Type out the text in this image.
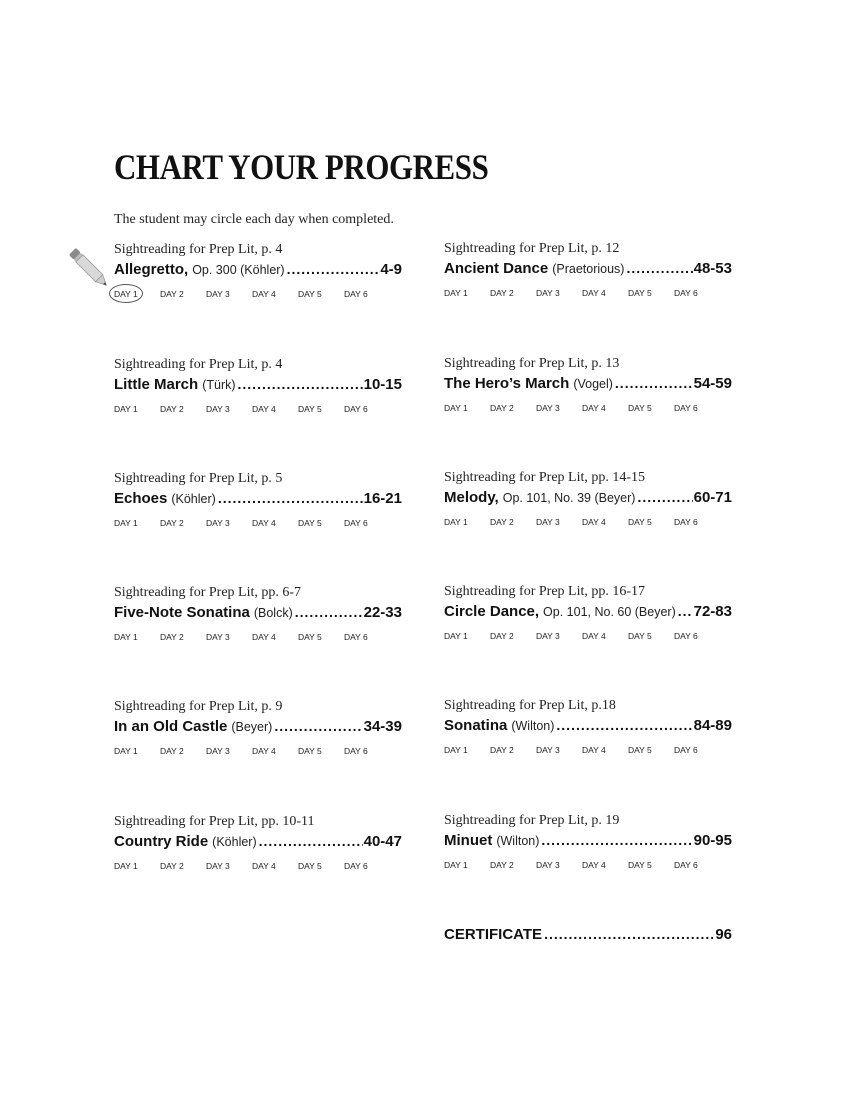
CHART YOUR PROGRESS
The student may circle each day when completed.
Sightreading for Prep Lit, p. 4
Allegretto, Op. 300 (Köhler) .....	4-9
DAY 1	DAY 2	DAY 3	DAY 4	DAY 5	DAY 6
Sightreading for Prep Lit, p. 12
Ancient Dance (Praetorious) .....	48-53
DAY 1	DAY 2	DAY 3	DAY 4	DAY 5	DAY 6
Sightreading for Prep Lit, p. 4
Little March (Türk) .....	10-15
DAY 1	DAY 2	DAY 3	DAY 4	DAY 5	DAY 6
Sightreading for Prep Lit, p. 13
The Hero’s March (Vogel) .....	54-59
DAY 1	DAY 2	DAY 3	DAY 4	DAY 5	DAY 6
Sightreading for Prep Lit, p. 5
Echoes (Köhler) .....	16-21
DAY 1	DAY 2	DAY 3	DAY 4	DAY 5	DAY 6
Sightreading for Prep Lit, pp. 14-15
Melody, Op. 101, No. 39 (Beyer) .....	60-71
DAY 1	DAY 2	DAY 3	DAY 4	DAY 5	DAY 6
Sightreading for Prep Lit, pp. 6-7
Five-Note Sonatina (Bolck) .....	22-33
DAY 1	DAY 2	DAY 3	DAY 4	DAY 5	DAY 6
Sightreading for Prep Lit, pp. 16-17
Circle Dance, Op. 101, No. 60 (Beyer) ..... 72-83
DAY 1	DAY 2	DAY 3	DAY 4	DAY 5	DAY 6
Sightreading for Prep Lit, p. 9
In an Old Castle (Beyer) .....	34-39
DAY 1	DAY 2	DAY 3	DAY 4	DAY 5	DAY 6
Sightreading for Prep Lit, p.18
Sonatina (Wilton) .....	84-89
DAY 1	DAY 2	DAY 3	DAY 4	DAY 5	DAY 6
Sightreading for Prep Lit, pp. 10-11
Country Ride (Köhler) .....	40-47
DAY 1	DAY 2	DAY 3	DAY 4	DAY 5	DAY 6
Sightreading for Prep Lit, p. 19
Minuet (Wilton) .....	90-95
DAY 1	DAY 2	DAY 3	DAY 4	DAY 5	DAY 6
CERTIFICATE .....	96
